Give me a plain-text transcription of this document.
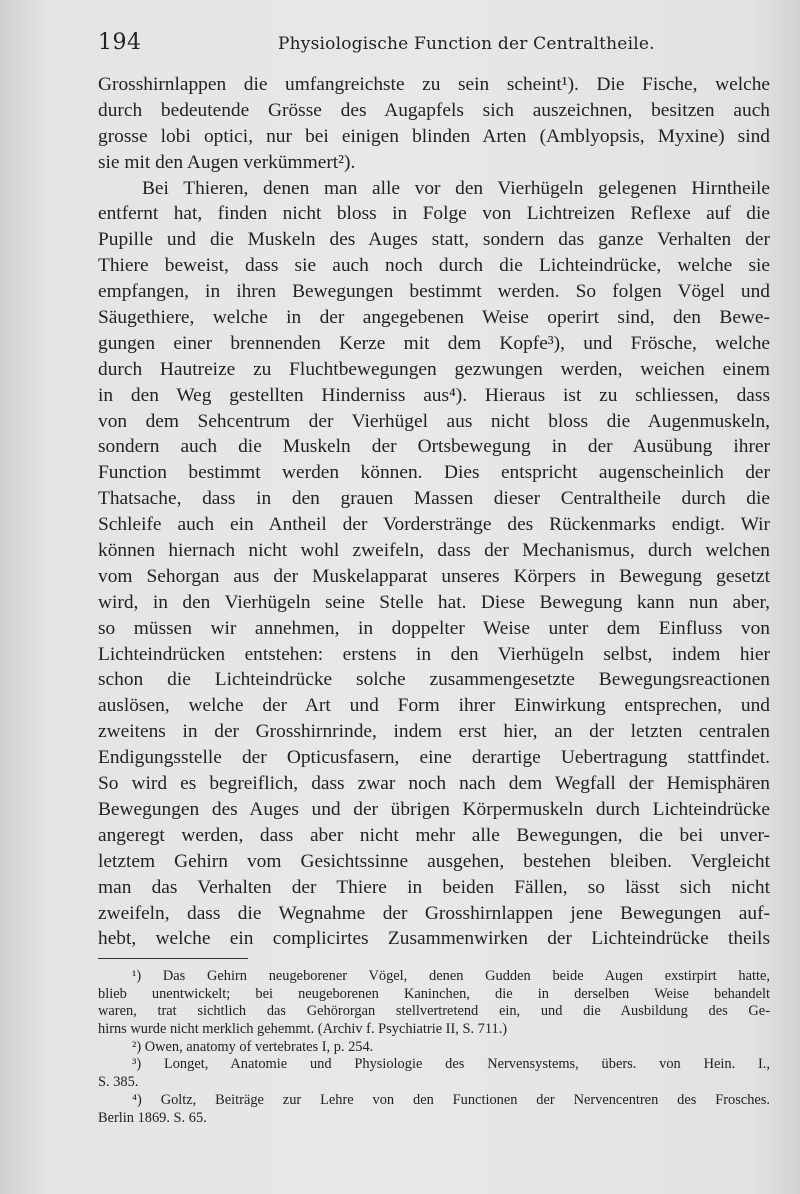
194	Physiologische Function der Centraltheile.
Grosshirnlappen die umfangreichste zu sein scheint¹). Die Fische, welche
durch bedeutende Grösse des Augapfels sich auszeichnen, besitzen auch
grosse lobi optici, nur bei einigen blinden Arten (Amblyopsis, Myxine) sind
sie mit den Augen verkümmert²).
Bei Thieren, denen man alle vor den Vierhügeln gelegenen Hirntheile
entfernt hat, finden nicht bloss in Folge von Lichtreizen Reflexe auf die
Pupille und die Muskeln des Auges statt, sondern das ganze Verhalten der
Thiere beweist, dass sie auch noch durch die Lichteindrücke, welche sie
empfangen, in ihren Bewegungen bestimmt werden. So folgen Vögel und
Säugethiere, welche in der angegebenen Weise operirt sind, den Bewe-
gungen einer brennenden Kerze mit dem Kopfe³), und Frösche, welche
durch Hautreize zu Fluchtbewegungen gezwungen werden, weichen einem
in den Weg gestellten Hinderniss aus⁴). Hieraus ist zu schliessen, dass
von dem Sehcentrum der Vierhügel aus nicht bloss die Augenmuskeln,
sondern auch die Muskeln der Ortsbewegung in der Ausübung ihrer
Function bestimmt werden können. Dies entspricht augenscheinlich der
Thatsache, dass in den grauen Massen dieser Centraltheile durch die
Schleife auch ein Antheil der Vorderstränge des Rückenmarks endigt. Wir
können hiernach nicht wohl zweifeln, dass der Mechanismus, durch welchen
vom Sehorgan aus der Muskelapparat unseres Körpers in Bewegung gesetzt
wird, in den Vierhügeln seine Stelle hat. Diese Bewegung kann nun aber,
so müssen wir annehmen, in doppelter Weise unter dem Einfluss von
Lichteindrücken entstehen: erstens in den Vierhügeln selbst, indem hier
schon die Lichteindrücke solche zusammengesetzte Bewegungsreactionen
auslösen, welche der Art und Form ihrer Einwirkung entsprechen, und
zweitens in der Grosshirnrinde, indem erst hier, an der letzten centralen
Endigungsstelle der Opticusfasern, eine derartige Uebertragung stattfindet.
So wird es begreiflich, dass zwar noch nach dem Wegfall der Hemisphären
Bewegungen des Auges und der übrigen Körpermuskeln durch Lichteindrücke
angeregt werden, dass aber nicht mehr alle Bewegungen, die bei unver-
letztem Gehirn vom Gesichtssinne ausgehen, bestehen bleiben. Vergleicht
man das Verhalten der Thiere in beiden Fällen, so lässt sich nicht
zweifeln, dass die Wegnahme der Grosshirnlappen jene Bewegungen auf-
hebt, welche ein complicirtes Zusammenwirken der Lichteindrücke theils
¹) Das Gehirn neugeborener Vögel, denen Gudden beide Augen exstirpirt hatte,
blieb unentwickelt; bei neugeborenen Kaninchen, die in derselben Weise behandelt
waren, trat sichtlich das Gehörorgan stellvertretend ein, und die Ausbildung des Ge-
hirns wurde nicht merklich gehemmt. (Archiv f. Psychiatrie II, S. 711.)
²) Owen, anatomy of vertebrates I, p. 254.
³) Longet, Anatomie und Physiologie des Nervensystems, übers. von Hein. I.,
S. 385.
⁴) Goltz, Beiträge zur Lehre von den Functionen der Nervencentren des Frosches.
Berlin 1869. S. 65.
